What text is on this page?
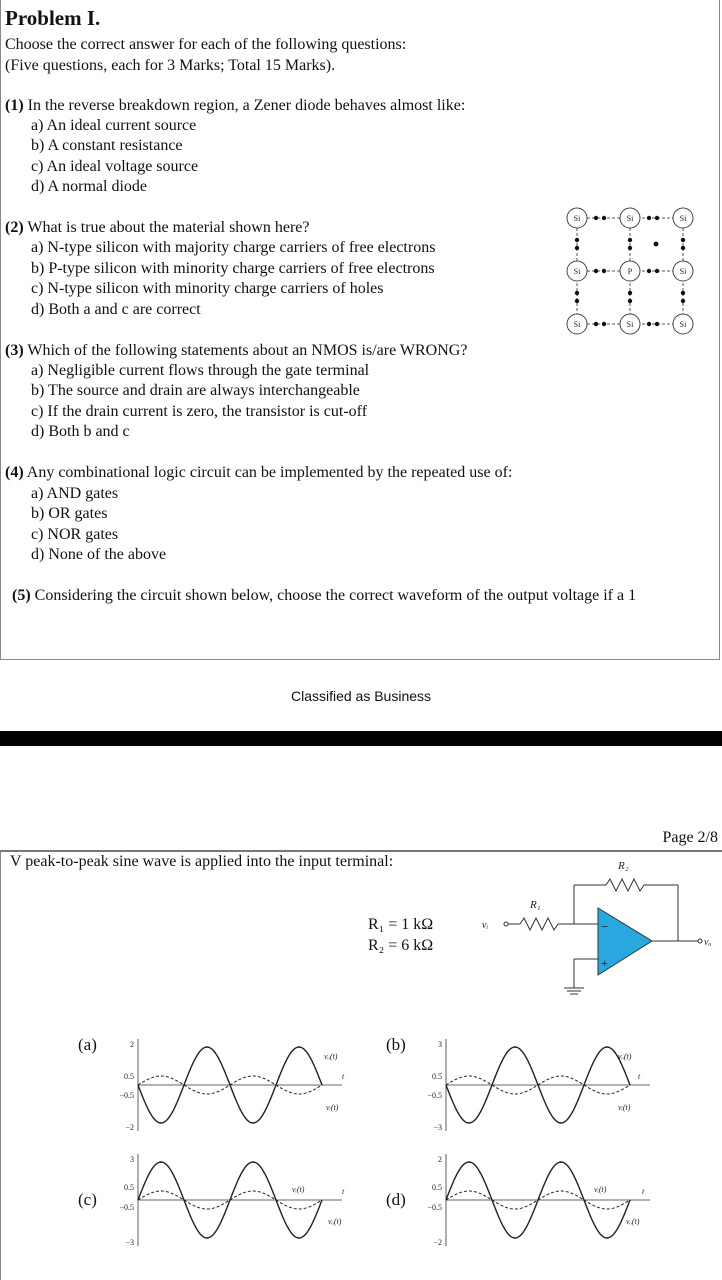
Problem I.
Choose the correct answer for each of the following questions:
(Five questions, each for 3 Marks; Total 15 Marks).
(1) In the reverse breakdown region, a Zener diode behaves almost like:
a) An ideal current source
b) A constant resistance
c) An ideal voltage source
d) A normal diode
(2) What is true about the material shown here?
a) N-type silicon with majority charge carriers of free electrons
b) P-type silicon with minority charge carriers of free electrons
c) N-type silicon with minority charge carriers of holes
d) Both a and c are correct
Si	Si	Si
Si	P	Si
Si	Si	Si
(3) Which of the following statements about an NMOS is/are WRONG?
a) Negligible current flows through the gate terminal
b) The source and drain are always interchangeable
c) If the drain current is zero, the transistor is cut-off
d) Both b and c
(4) Any combinational logic circuit can be implemented by the repeated use of:
a) AND gates
b) OR gates
c) NOR gates
d) None of the above
(5) Considering the circuit shown below, choose the correct waveform of the output voltage if a 1
Classified as Business
Page 2/8
V peak-to-peak sine wave is applied into the input terminal:
R₁ = 1 kΩ
R₂ = 6 kΩ
−
+
R₂
R₁
vᵢ
vₒ
(a)	(b)
(c)	(d)
2
0.5
−0.5
−2
vₒ(t)
vᵢ(t)
t
3
0.5
−0.5
−3
vₒ(t)
vᵢ(t)
t
3
0.5
−0.5
−3
vᵢ(t)
vₒ(t)
t
2
0.5
−0.5
−2
vᵢ(t)
vₒ(t)
t
